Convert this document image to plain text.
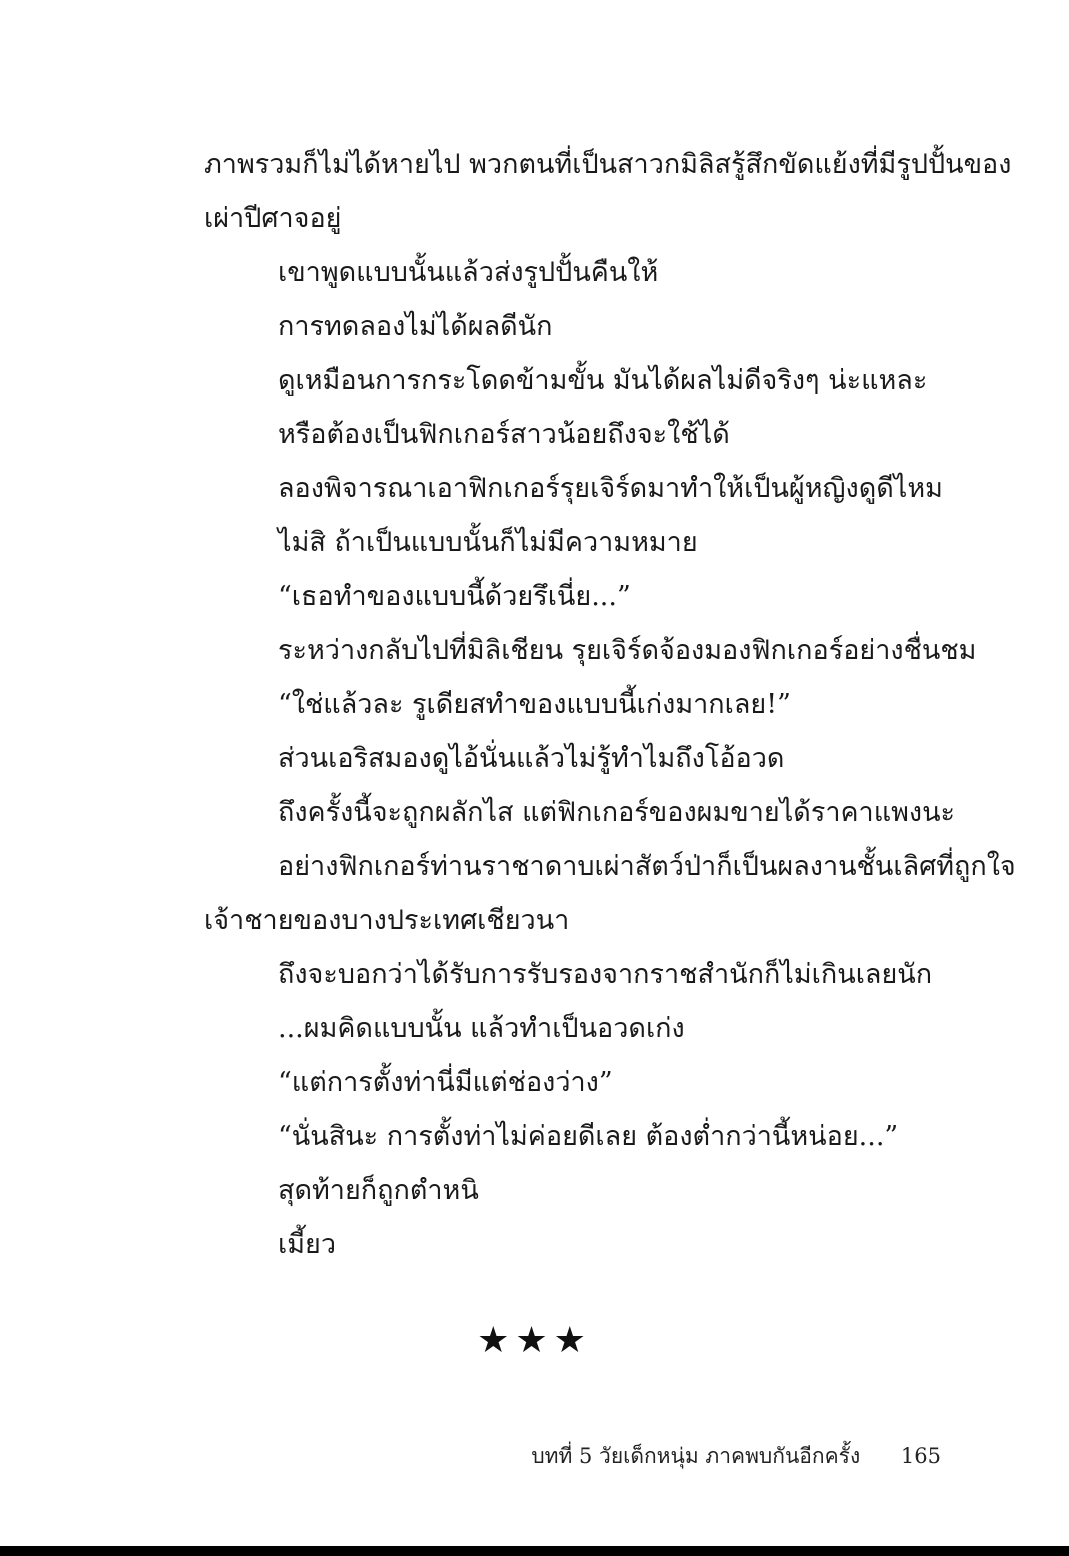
ภาพรวมก็ไม่ได้หายไป พวกตนที่เป็นสาวกมิลิสรู้สึกขัดแย้งที่มีรูปปั้นของ
เผ่าปีศาจอยู่

เขาพูดแบบนั้นแล้วส่งรูปปั้นคืนให้

การทดลองไม่ได้ผลดีนัก

ดูเหมือนการกระโดดข้ามขั้น มันได้ผลไม่ดีจริงๆ น่ะแหละ

หรือต้องเป็นฟิกเกอร์สาวน้อยถึงจะใช้ได้

ลองพิจารณาเอาฟิกเกอร์รุยเจิร์ดมาทำให้เป็นผู้หญิงดูดีไหม

ไม่สิ ถ้าเป็นแบบนั้นก็ไม่มีความหมาย

“เธอทำของแบบนี้ด้วยรึเนี่ย...”

ระหว่างกลับไปที่มิลิเชียน รุยเจิร์ดจ้องมองฟิกเกอร์อย่างชื่นชม

“ใช่แล้วละ รูเดียสทำของแบบนี้เก่งมากเลย!”

ส่วนเอริสมองดูไอ้นั่นแล้วไม่รู้ทำไมถึงโอ้อวด

ถึงครั้งนี้จะถูกผลักไส แต่ฟิกเกอร์ของผมขายได้ราคาแพงนะ

อย่างฟิกเกอร์ท่านราชาดาบเผ่าสัตว์ป่าก็เป็นผลงานชั้นเลิศที่ถูกใจ
เจ้าชายของบางประเทศเชียวนา

ถึงจะบอกว่าได้รับการรับรองจากราชสำนักก็ไม่เกินเลยนัก

...ผมคิดแบบนั้น แล้วทำเป็นอวดเก่ง

“แต่การตั้งท่านี่มีแต่ช่องว่าง”

“นั่นสินะ การตั้งท่าไม่ค่อยดีเลย ต้องต่ำกว่านี้หน่อย...”

สุดท้ายก็ถูกตำหนิ

เมี้ยว

★★★
บทที่ 5 วัยเด็กหนุ่ม ภาคพบกันอีกครั้ง 165
